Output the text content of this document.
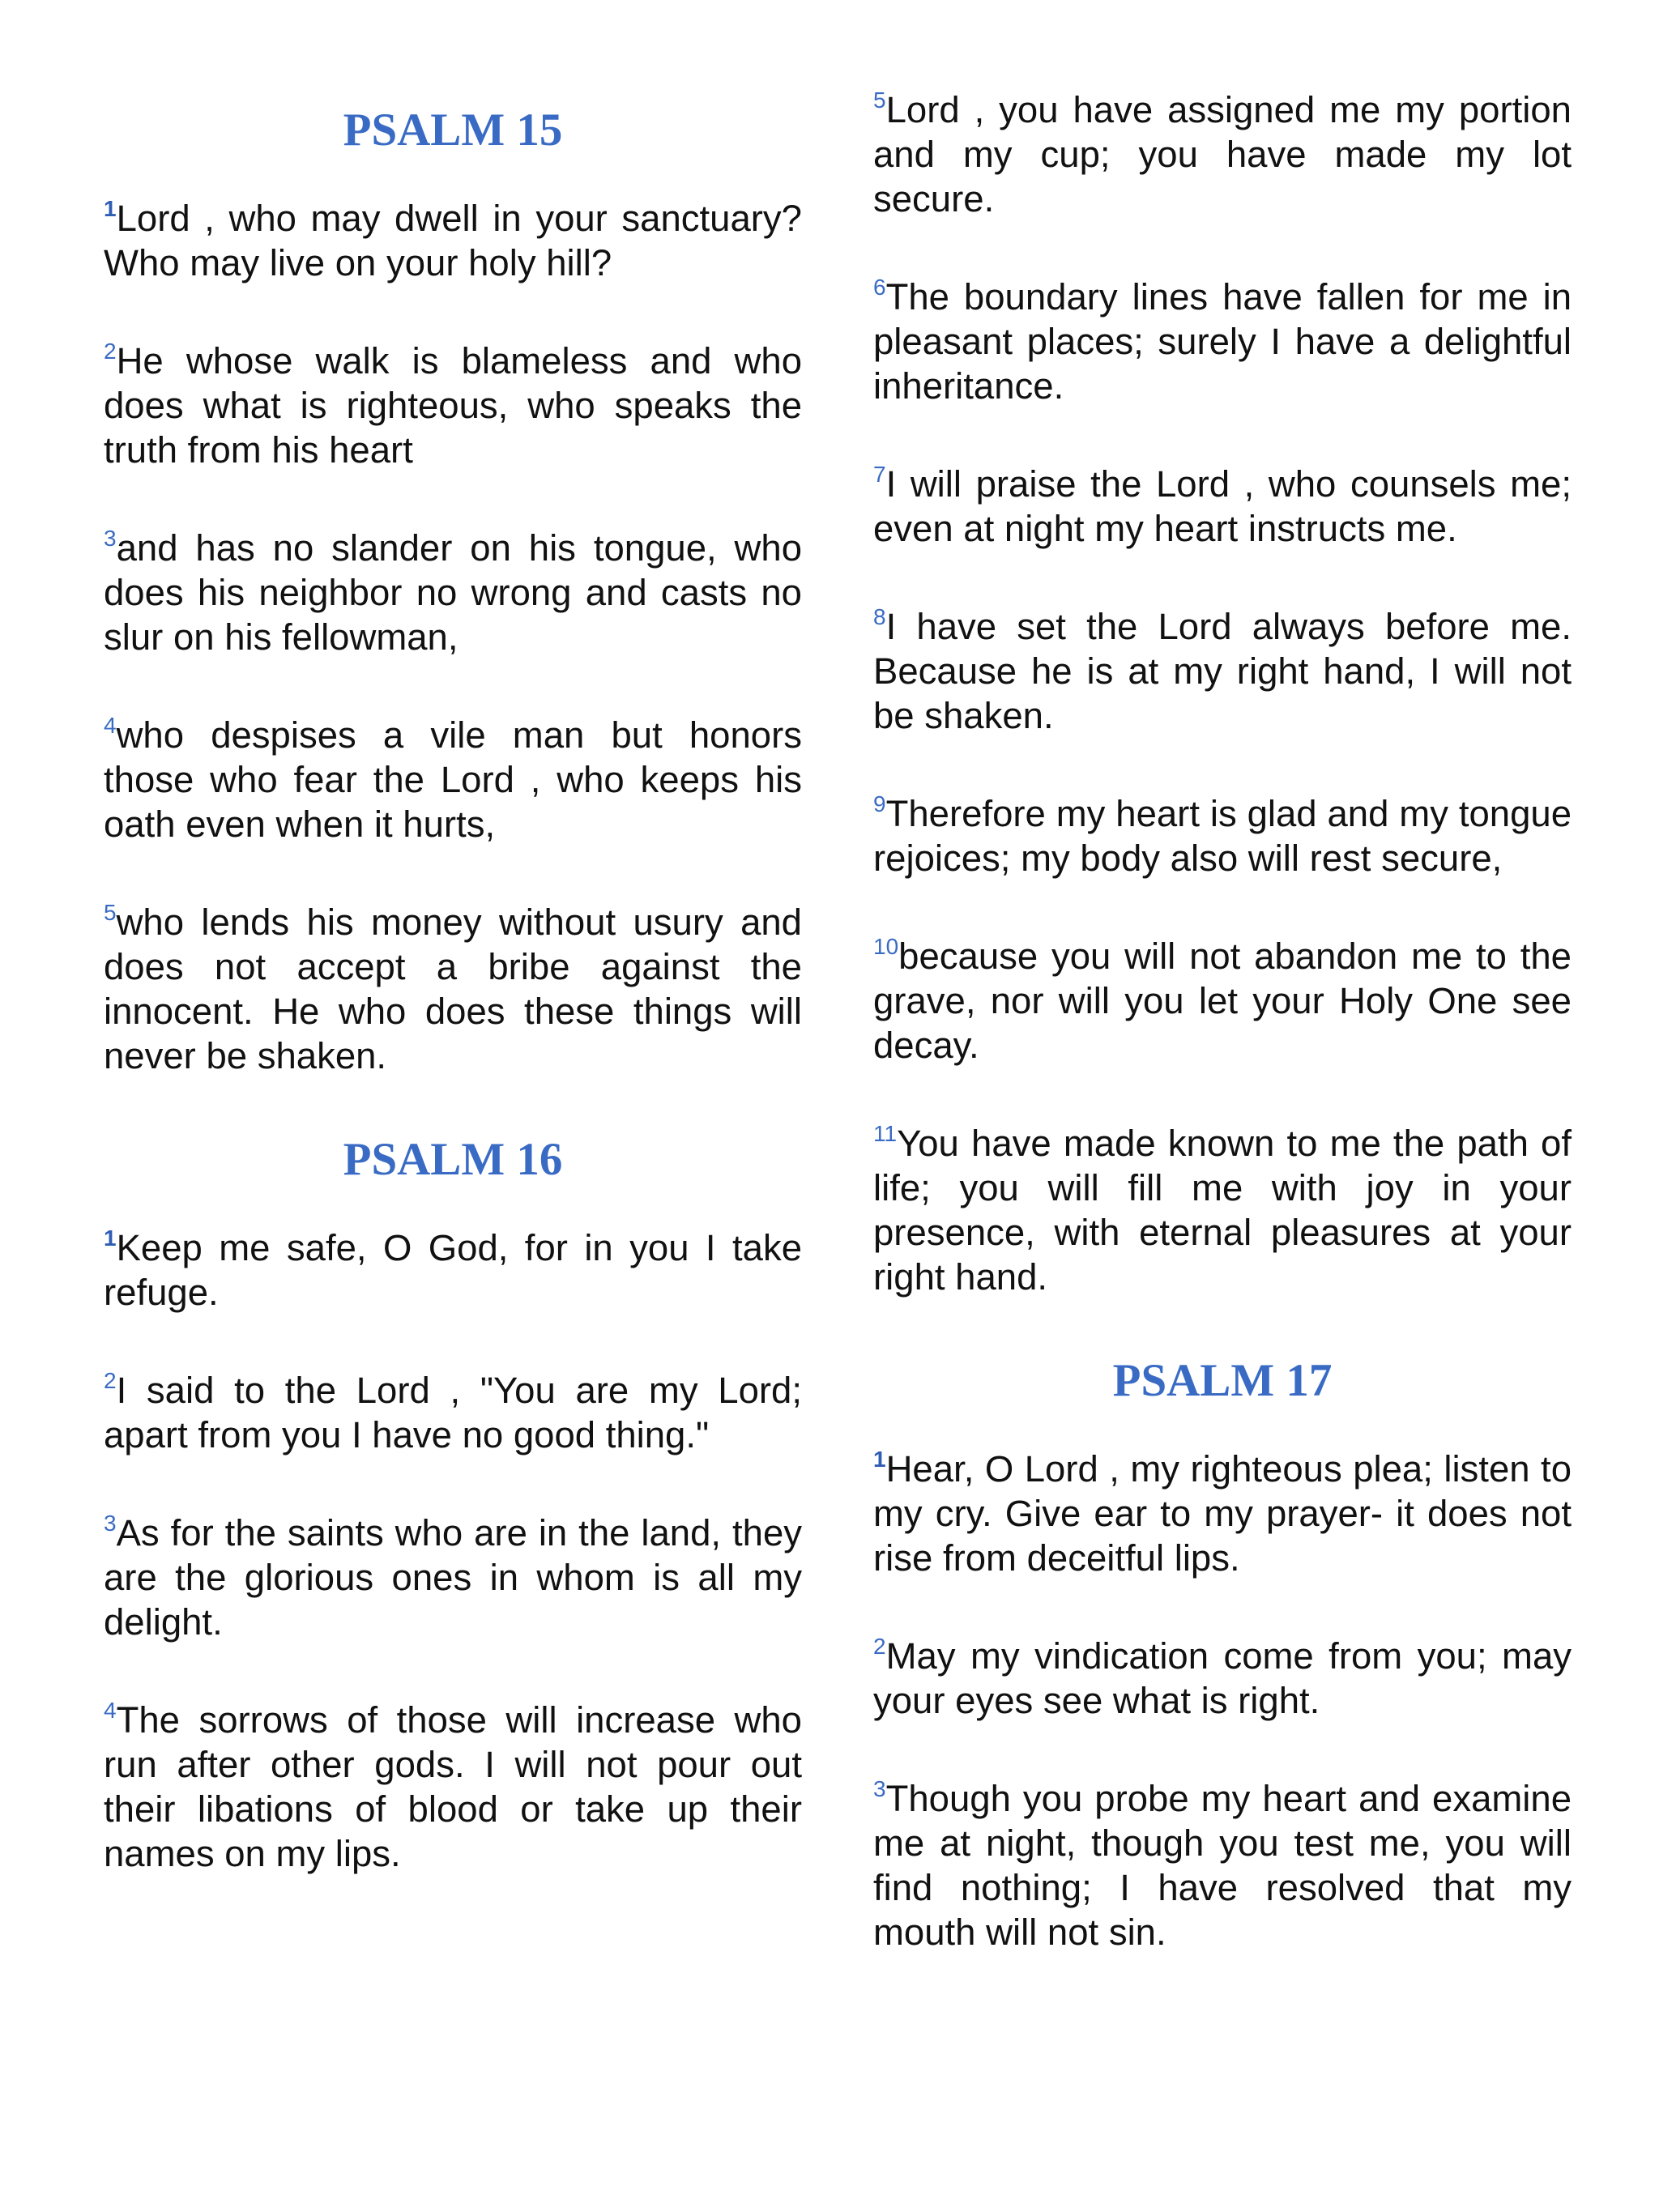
PSALM 15

$^1$Lord , who may dwell in your sanctuary? Who may live on your holy hill?

$^2$He whose walk is blameless and who does what is righteous, who speaks the truth from his heart

$^3$and has no slander on his tongue, who does his neighbor no wrong and casts no slur on his fellowman,

$^4$who despises a vile man but honors those who fear the Lord , who keeps his oath even when it hurts,

$^5$who lends his money without usury and does not accept a bribe against the innocent. He who does these things will never be shaken.

PSALM 16

$^1$Keep me safe, O God, for in you I take refuge.

$^2$I said to the Lord , "You are my Lord; apart from you I have no good thing."

$^3$As for the saints who are in the land, they are the glorious ones in whom is all my delight.

$^4$The sorrows of those will increase who run after other gods. I will not pour out their libations of blood or take up their names on my lips.

$^5$Lord , you have assigned me my portion and my cup; you have made my lot secure.

$^6$The boundary lines have fallen for me in pleasant places; surely I have a delightful inheritance.

$^7$I will praise the Lord , who counsels me; even at night my heart instructs me.

$^8$I have set the Lord always before me. Because he is at my right hand, I will not be shaken.

$^9$Therefore my heart is glad and my tongue rejoices; my body also will rest secure,

$^{10}$because you will not abandon me to the grave, nor will you let your Holy One see decay.

$^{11}$You have made known to me the path of life; you will fill me with joy in your presence, with eternal pleasures at your right hand.

PSALM 17

$^1$Hear, O Lord , my righteous plea; listen to my cry. Give ear to my prayer- it does not rise from deceitful lips.

$^2$May my vindication come from you; may your eyes see what is right.

$^3$Though you probe my heart and examine me at night, though you test me, you will find nothing; I have resolved that my mouth will not sin.
